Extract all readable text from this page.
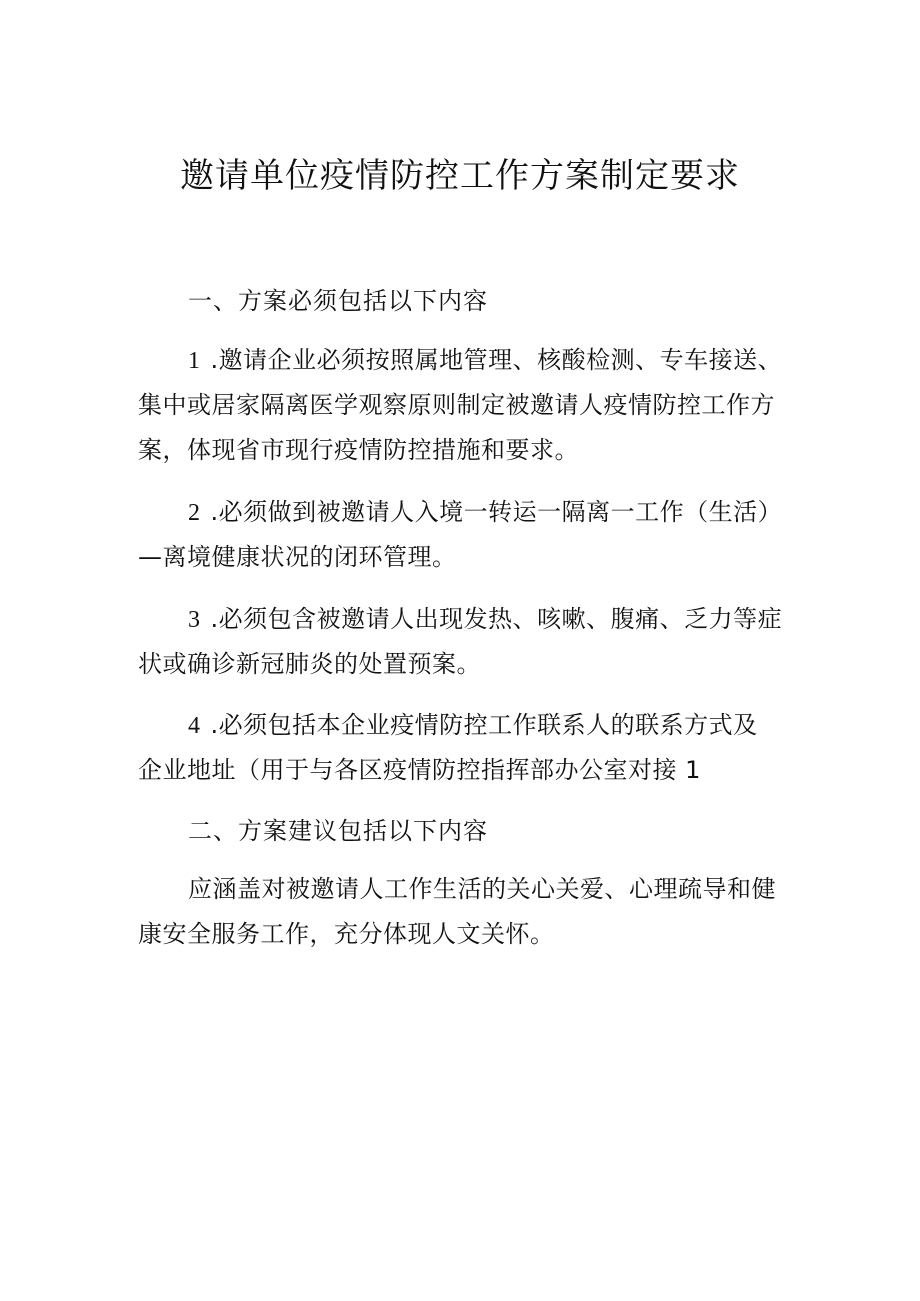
邀请单位疫情防控工作方案制定要求
一、方案必须包括以下内容
1 .邀请企业必须按照属地管理、核酸检测、专车接送、
集中或居家隔离医学观察原则制定被邀请人疫情防控工作方
案，体现省市现行疫情防控措施和要求。
2 .必须做到被邀请人入境一转运一隔离一工作（生活）
—离境健康状况的闭环管理。
3 .必须包含被邀请人出现发热、咳嗽、腹痛、乏力等症
状或确诊新冠肺炎的处置预案。
4 .必须包括本企业疫情防控工作联系人的联系方式及
企业地址（用于与各区疫情防控指挥部办公室对接 1
二、方案建议包括以下内容
应涵盖对被邀请人工作生活的关心关爱、心理疏导和健
康安全服务工作，充分体现人文关怀。
